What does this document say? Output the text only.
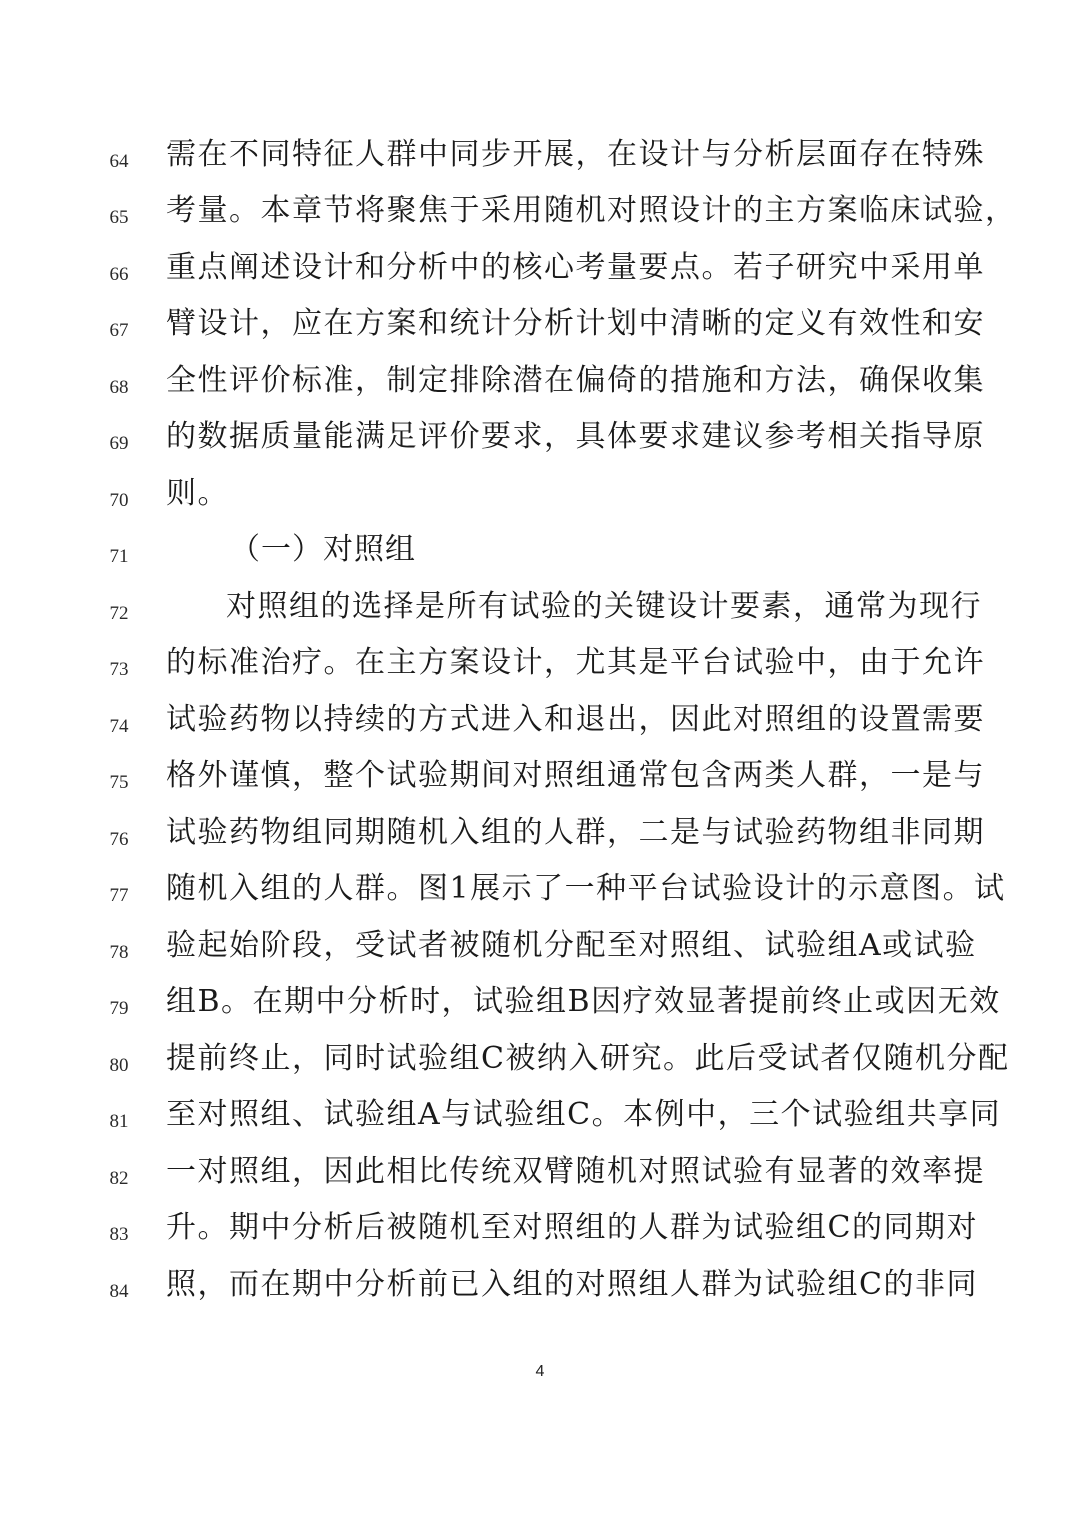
64	需在不同特征人群中同步开展，在设计与分析层面存在特殊
65	考量。本章节将聚焦于采用随机对照设计的主方案临床试验，
66	重点阐述设计和分析中的核心考量要点。若子研究中采用单
67	臂设计，应在方案和统计分析计划中清晰的定义有效性和安
68	全性评价标准，制定排除潜在偏倚的措施和方法，确保收集
69	的数据质量能满足评价要求，具体要求建议参考相关指导原
70	则。
71	（一）对照组
72	对照组的选择是所有试验的关键设计要素，通常为现行
73	的标准治疗。在主方案设计，尤其是平台试验中，由于允许
74	试验药物以持续的方式进入和退出，因此对照组的设置需要
75	格外谨慎，整个试验期间对照组通常包含两类人群，一是与
76	试验药物组同期随机入组的人群，二是与试验药物组非同期
77	随机入组的人群。图1展示了一种平台试验设计的示意图。试
78	验起始阶段，受试者被随机分配至对照组、试验组A或试验
79	组B。在期中分析时，试验组B因疗效显著提前终止或因无效
80	提前终止，同时试验组C被纳入研究。此后受试者仅随机分配
81	至对照组、试验组A与试验组C。本例中，三个试验组共享同
82	一对照组，因此相比传统双臂随机对照试验有显著的效率提
83	升。期中分析后被随机至对照组的人群为试验组C的同期对
84	照，而在期中分析前已入组的对照组人群为试验组C的非同
4
